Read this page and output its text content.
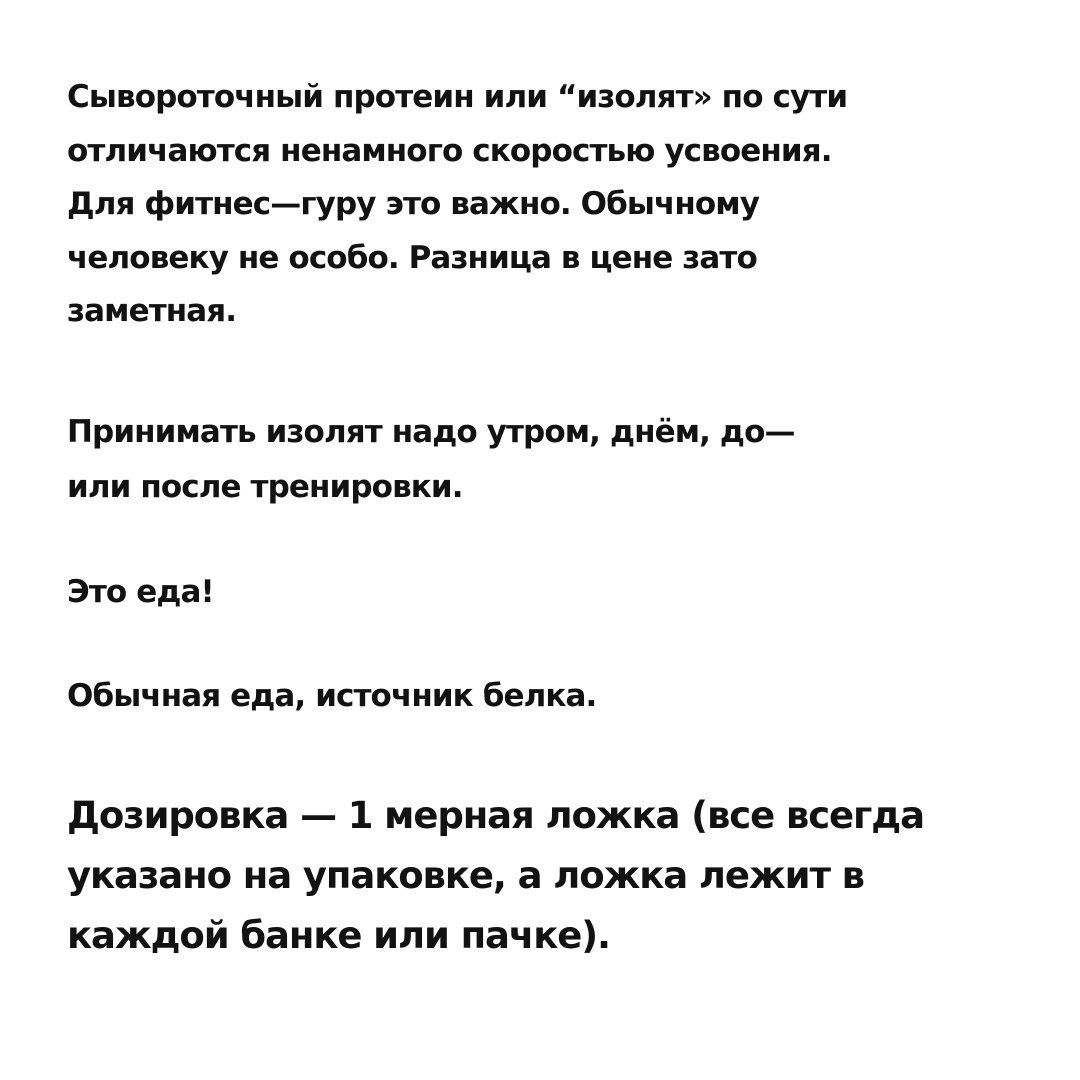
Сывороточный протеин или “изолят» по сути
отличаются ненамного скоростью усвоения.
Для фитнес—гуру это важно. Обычному
человеку не особо. Разница в цене зато
заметная.

Принимать изолят надо утром, днём, до—
или после тренировки.

Это еда!

Обычная еда, источник белка.

Дозировка — 1 мерная ложка (все всегда
указано на упаковке, а ложка лежит в
каждой банке или пачке).
